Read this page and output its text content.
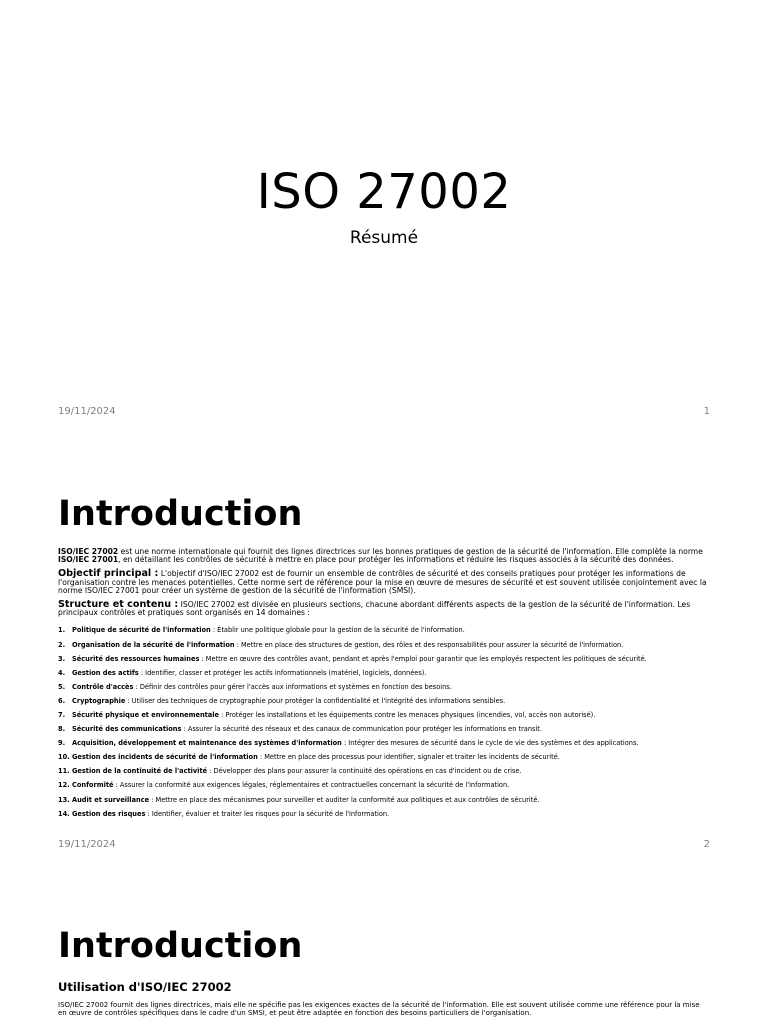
ISO 27002
Résumé
19/11/2024	1
Introduction

ISO/IEC 27002 est une norme internationale qui fournit des lignes directrices sur les bonnes pratiques de gestion de la sécurité de l'information. Elle complète la norme ISO/IEC 27001, en détaillant les contrôles de sécurité à mettre en place pour protéger les informations et réduire les risques associés à la sécurité des données.

Objectif principal : L'objectif d'ISO/IEC 27002 est de fournir un ensemble de contrôles de sécurité et des conseils pratiques pour protéger les informations de l'organisation contre les menaces potentielles. Cette norme sert de référence pour la mise en œuvre de mesures de sécurité et est souvent utilisée conjointement avec la norme ISO/IEC 27001 pour créer un système de gestion de la sécurité de l'information (SMSI).

Structure et contenu : ISO/IEC 27002 est divisée en plusieurs sections, chacune abordant différents aspects de la gestion de la sécurité de l'information. Les principaux contrôles et pratiques sont organisés en 14 domaines :

1. Politique de sécurité de l'information : Établir une politique globale pour la gestion de la sécurité de l'information.
2. Organisation de la sécurité de l'information : Mettre en place des structures de gestion, des rôles et des responsabilités pour assurer la sécurité de l'information.
3. Sécurité des ressources humaines : Mettre en œuvre des contrôles avant, pendant et après l'emploi pour garantir que les employés respectent les politiques de sécurité.
4. Gestion des actifs : Identifier, classer et protéger les actifs informationnels (matériel, logiciels, données).
5. Contrôle d'accès : Définir des contrôles pour gérer l'accès aux informations et systèmes en fonction des besoins.
6. Cryptographie : Utiliser des techniques de cryptographie pour protéger la confidentialité et l'intégrité des informations sensibles.
7. Sécurité physique et environnementale : Protéger les installations et les équipements contre les menaces physiques (incendies, vol, accès non autorisé).
8. Sécurité des communications : Assurer la sécurité des réseaux et des canaux de communication pour protéger les informations en transit.
9. Acquisition, développement et maintenance des systèmes d'information : Intégrer des mesures de sécurité dans le cycle de vie des systèmes et des applications.
10. Gestion des incidents de sécurité de l'information : Mettre en place des processus pour identifier, signaler et traiter les incidents de sécurité.
11. Gestion de la continuité de l'activité : Développer des plans pour assurer la continuité des opérations en cas d'incident ou de crise.
12. Conformité : Assurer la conformité aux exigences légales, réglementaires et contractuelles concernant la sécurité de l'information.
13. Audit et surveillance : Mettre en place des mécanismes pour surveiller et auditer la conformité aux politiques et aux contrôles de sécurité.
14. Gestion des risques : Identifier, évaluer et traiter les risques pour la sécurité de l'information.
19/11/2024	2
Introduction
Utilisation d'ISO/IEC 27002
ISO/IEC 27002 fournit des lignes directrices, mais elle ne spécifie pas les exigences exactes de la sécurité de l'information. Elle est souvent utilisée comme une référence pour la mise en œuvre de contrôles spécifiques dans le cadre d'un SMSI, et peut être adaptée en fonction des besoins particuliers de l'organisation.
